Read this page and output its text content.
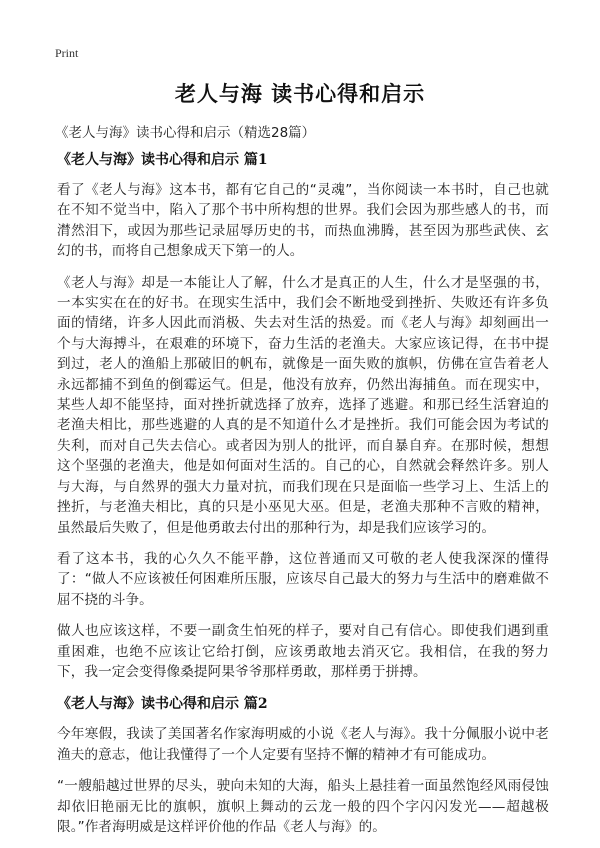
Print
老人与海 读书心得和启示

《老人与海》读书心得和启示（精选28篇）

《老人与海》读书心得和启示 篇1

看了《老人与海》这本书，都有它自己的“灵魂”，当你阅读一本书时，自己也就在不知不觉当中，陷入了那个书中所构想的世界。我们会因为那些感人的书，而潸然泪下，或因为那些记录屈辱历史的书，而热血沸腾，甚至因为那些武侠、玄幻的书，而将自己想象成天下第一的人。

《老人与海》却是一本能让人了解，什么才是真正的人生，什么才是坚强的书，一本实实在在的好书。在现实生活中，我们会不断地受到挫折、失败还有许多负面的情绪，许多人因此而消极、失去对生活的热爱。而《老人与海》却刻画出一个与大海搏斗，在艰难的环境下，奋力生活的老渔夫。大家应该记得，在书中提到过，老人的渔船上那破旧的帆布，就像是一面失败的旗帜，仿佛在宣告着老人永远都捕不到鱼的倒霉运气。但是，他没有放弃，仍然出海捕鱼。而在现实中，某些人却不能坚持，面对挫折就选择了放弃，选择了逃避。和那已经生活窘迫的老渔夫相比，那些逃避的人真的是不知道什么才是挫折。我们可能会因为考试的失利，而对自己失去信心。或者因为别人的批评，而自暴自弃。在那时候，想想这个坚强的老渔夫，他是如何面对生活的。自己的心，自然就会释然许多。别人与大海，与自然界的强大力量对抗，而我们现在只是面临一些学习上、生活上的挫折，与老渔夫相比，真的只是小巫见大巫。但是，老渔夫那种不言败的精神，虽然最后失败了，但是他勇敢去付出的那种行为，却是我们应该学习的。

看了这本书，我的心久久不能平静，这位普通而又可敬的老人使我深深的懂得了：“做人不应该被任何困难所压服，应该尽自己最大的努力与生活中的磨难做不屈不挠的斗争。

做人也应该这样，不要一副贪生怕死的样子，要对自己有信心。即使我们遇到重重困难，也绝不应该让它给打倒，应该勇敢地去消灭它。我相信，在我的努力下，我一定会变得像桑提阿果爷爷那样勇敢，那样勇于拼搏。

《老人与海》读书心得和启示 篇2

今年寒假，我读了美国著名作家海明威的小说《老人与海》。我十分佩服小说中老渔夫的意志，他让我懂得了一个人定要有坚持不懈的精神才有可能成功。

“一艘船越过世界的尽头，驶向未知的大海，船头上悬挂着一面虽然饱经风雨侵蚀却依旧艳丽无比的旗帜，旗帜上舞动的云龙一般的四个字闪闪发光——超越极限。”作者海明威是这样评价他的作品《老人与海》的。
